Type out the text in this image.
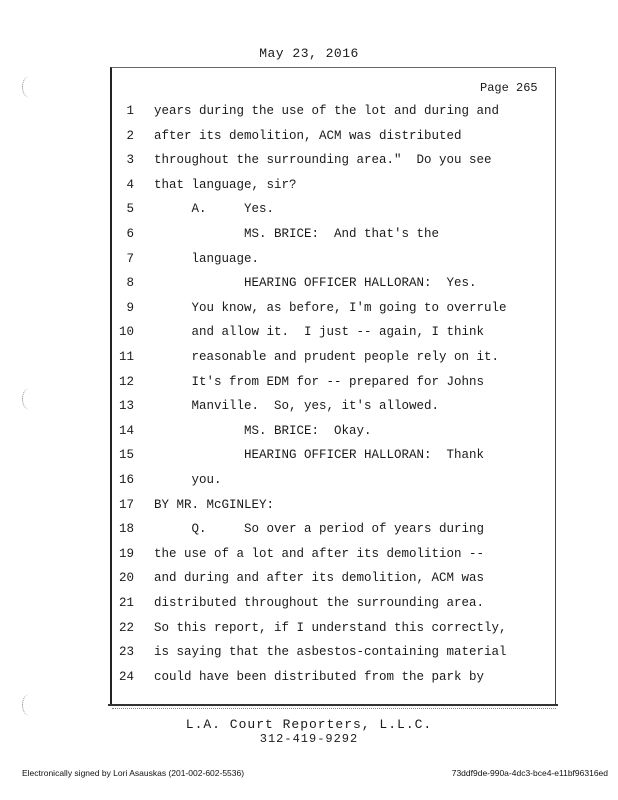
May 23, 2016
Page 265
1 years during the use of the lot and during and
2 after its demolition, ACM was distributed
3 throughout the surrounding area."  Do you see
4 that language, sir?
5 A.     Yes.
6 MS. BRICE:  And that's the
7 language.
8 HEARING OFFICER HALLORAN:  Yes.
9 You know, as before, I'm going to overrule
10 and allow it.  I just -- again, I think
11 reasonable and prudent people rely on it.
12 It's from EDM for -- prepared for Johns
13 Manville.  So, yes, it's allowed.
14 MS. BRICE:  Okay.
15 HEARING OFFICER HALLORAN:  Thank
16 you.
17 BY MR. McGINLEY:
18 Q.     So over a period of years during
19 the use of a lot and after its demolition --
20 and during and after its demolition, ACM was
21 distributed throughout the surrounding area.
22 So this report, if I understand this correctly,
23 is saying that the asbestos-containing material
24 could have been distributed from the park by
L.A. Court Reporters, L.L.C.
312-419-9292
Electronically signed by Lori Asauskas (201-002-602-5536)	73ddf9de-990a-4dc3-bce4-e11bf96316ed
